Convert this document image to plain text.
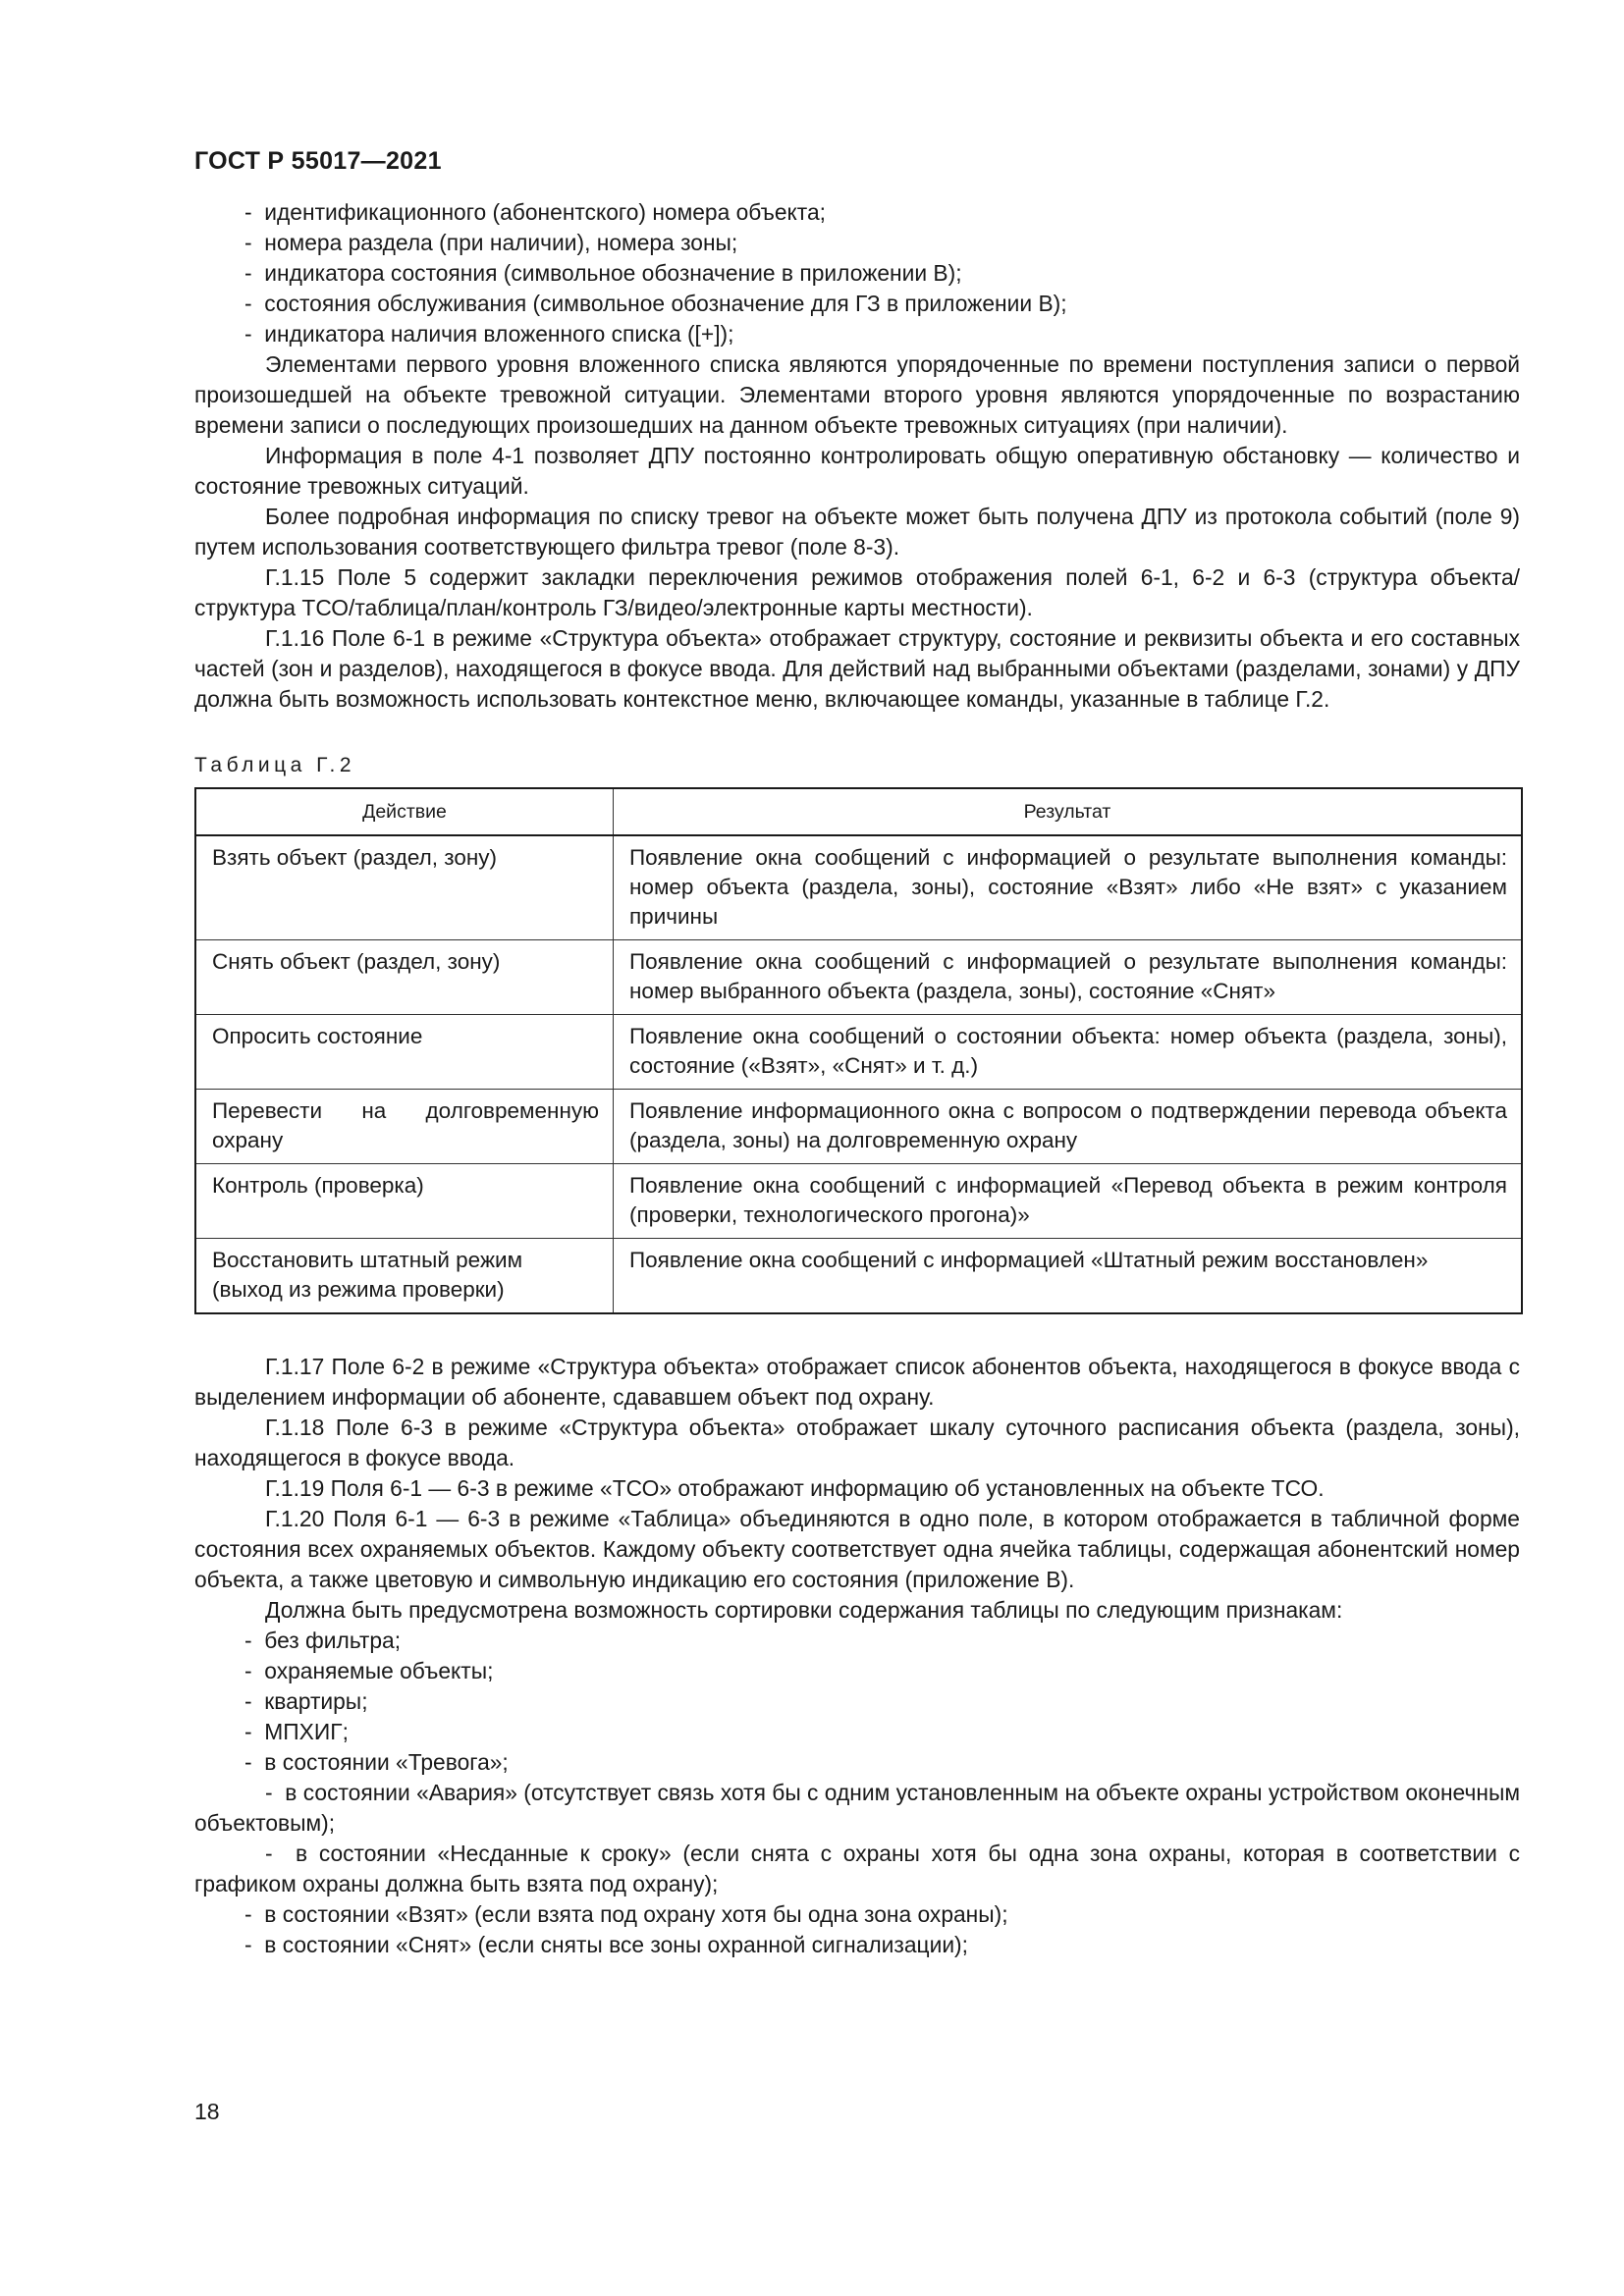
ГОСТ Р 55017—2021
-  идентификационного (абонентского) номера объекта;
-  номера раздела (при наличии), номера зоны;
-  индикатора состояния (символьное обозначение в приложении В);
-  состояния обслуживания (символьное обозначение для ГЗ в приложении В);
-  индикатора наличия вложенного списка ([+]);
Элементами первого уровня вложенного списка являются упорядоченные по времени поступления записи о первой произошедшей на объекте тревожной ситуации. Элементами второго уровня являются упорядоченные по возрастанию времени записи о последующих произошедших на данном объекте тревожных ситуациях (при наличии).
Информация в поле 4-1 позволяет ДПУ постоянно контролировать общую оперативную обстановку — количество и состояние тревожных ситуаций.
Более подробная информация по списку тревог на объекте может быть получена ДПУ из протокола событий (поле 9) путем использования соответствующего фильтра тревог (поле 8-3).
Г.1.15 Поле 5 содержит закладки переключения режимов отображения полей 6-1, 6-2 и 6-3 (структура объекта/структура ТСО/таблица/план/контроль ГЗ/видео/электронные карты местности).
Г.1.16 Поле 6-1 в режиме «Структура объекта» отображает структуру, состояние и реквизиты объекта и его составных частей (зон и разделов), находящегося в фокусе ввода. Для действий над выбранными объектами (разделами, зонами) у ДПУ должна быть возможность использовать контекстное меню, включающее команды, указанные в таблице Г.2.
Таблица Г.2
Действие	Результат
Взять объект (раздел, зону)	Появление окна сообщений с информацией о результате выполнения команды: номер объекта (раздела, зоны), состояние «Взят» либо «Не взят» с указанием причины
Снять объект (раздел, зону)	Появление окна сообщений с информацией о результате выполнения команды: номер выбранного объекта (раздела, зоны), состояние «Снят»
Опросить состояние	Появление окна сообщений о состоянии объекта: номер объекта (раздела, зоны), состояние («Взят», «Снят» и т. д.)
Перевести на долговременную охрану	Появление информационного окна с вопросом о подтверждении перевода объекта (раздела, зоны) на долговременную охрану
Контроль (проверка)	Появление окна сообщений с информацией «Перевод объекта в режим контроля (проверки, технологического прогона)»
Восстановить штатный режим (выход из режима проверки)	Появление окна сообщений с информацией «Штатный режим восстановлен»
Г.1.17 Поле 6-2 в режиме «Структура объекта» отображает список абонентов объекта, находящегося в фокусе ввода с выделением информации об абоненте, сдававшем объект под охрану.
Г.1.18 Поле 6-3 в режиме «Структура объекта» отображает шкалу суточного расписания объекта (раздела, зоны), находящегося в фокусе ввода.
Г.1.19 Поля 6-1 — 6-3 в режиме «ТСО» отображают информацию об установленных на объекте ТСО.
Г.1.20 Поля 6-1 — 6-3 в режиме «Таблица» объединяются в одно поле, в котором отображается в табличной форме состояния всех охраняемых объектов. Каждому объекту соответствует одна ячейка таблицы, содержащая абонентский номер объекта, а также цветовую и символьную индикацию его состояния (приложение В).
Должна быть предусмотрена возможность сортировки содержания таблицы по следующим признакам:
-  без фильтра;
-  охраняемые объекты;
-  квартиры;
-  МПХИГ;
-  в состоянии «Тревога»;
-  в состоянии «Авария» (отсутствует связь хотя бы с одним установленным на объекте охраны устройством оконечным объектовым);
-  в состоянии «Несданные к сроку» (если снята с охраны хотя бы одна зона охраны, которая в соответствии с графиком охраны должна быть взята под охрану);
-  в состоянии «Взят» (если взята под охрану хотя бы одна зона охраны);
-  в состоянии «Снят» (если сняты все зоны охранной сигнализации);
18
